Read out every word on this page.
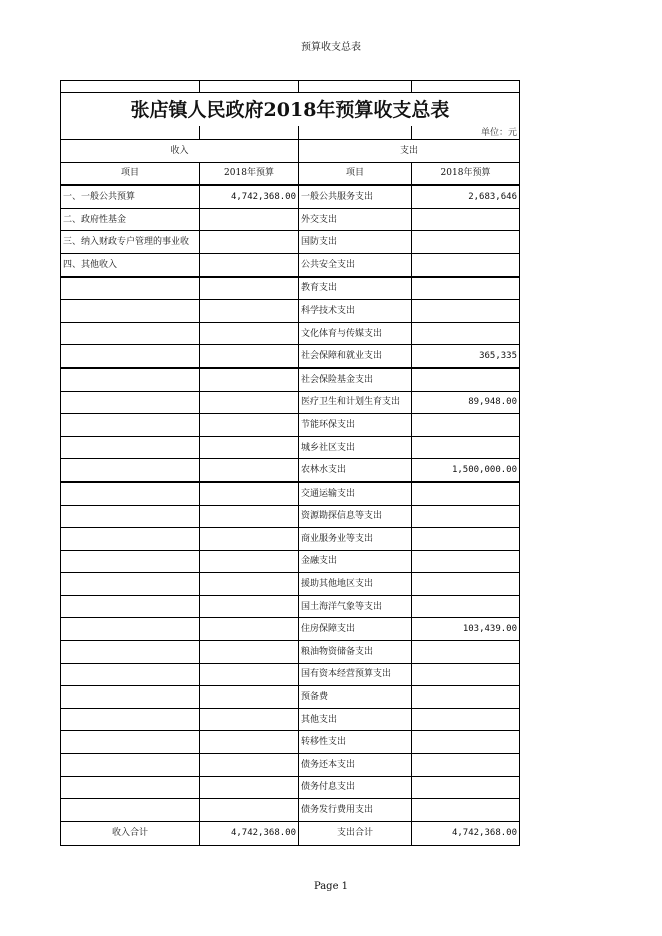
预算收支总表

张店镇人民政府2018年预算收支总表			
			单位：元
收入		支出	
项目	2018年预算	项目	2018年预算
一、一般公共预算	4,742,368.00	一般公共服务支出	2,683,646
二、政府性基金		外交支出	
三、纳入财政专户管理的事业收		国防支出	
四、其他收入		公共安全支出	
		教育支出	
		科学技术支出	
		文化体育与传媒支出	
		社会保障和就业支出	365,335
		社会保险基金支出	
		医疗卫生和计划生育支出	89,948.00
		节能环保支出	
		城乡社区支出	
		农林水支出	1,500,000.00
		交通运输支出	
		资源勘探信息等支出	
		商业服务业等支出	
		金融支出	
		援助其他地区支出	
		国土海洋气象等支出	
		住房保障支出	103,439.00
		粮油物资储备支出	
		国有资本经营预算支出	
		预备费	
		其他支出	
		转移性支出	
		债务还本支出	
		债务付息支出	
		债务发行费用支出	
收入合计	4,742,368.00	支出合计	4,742,368.00
Page 1
